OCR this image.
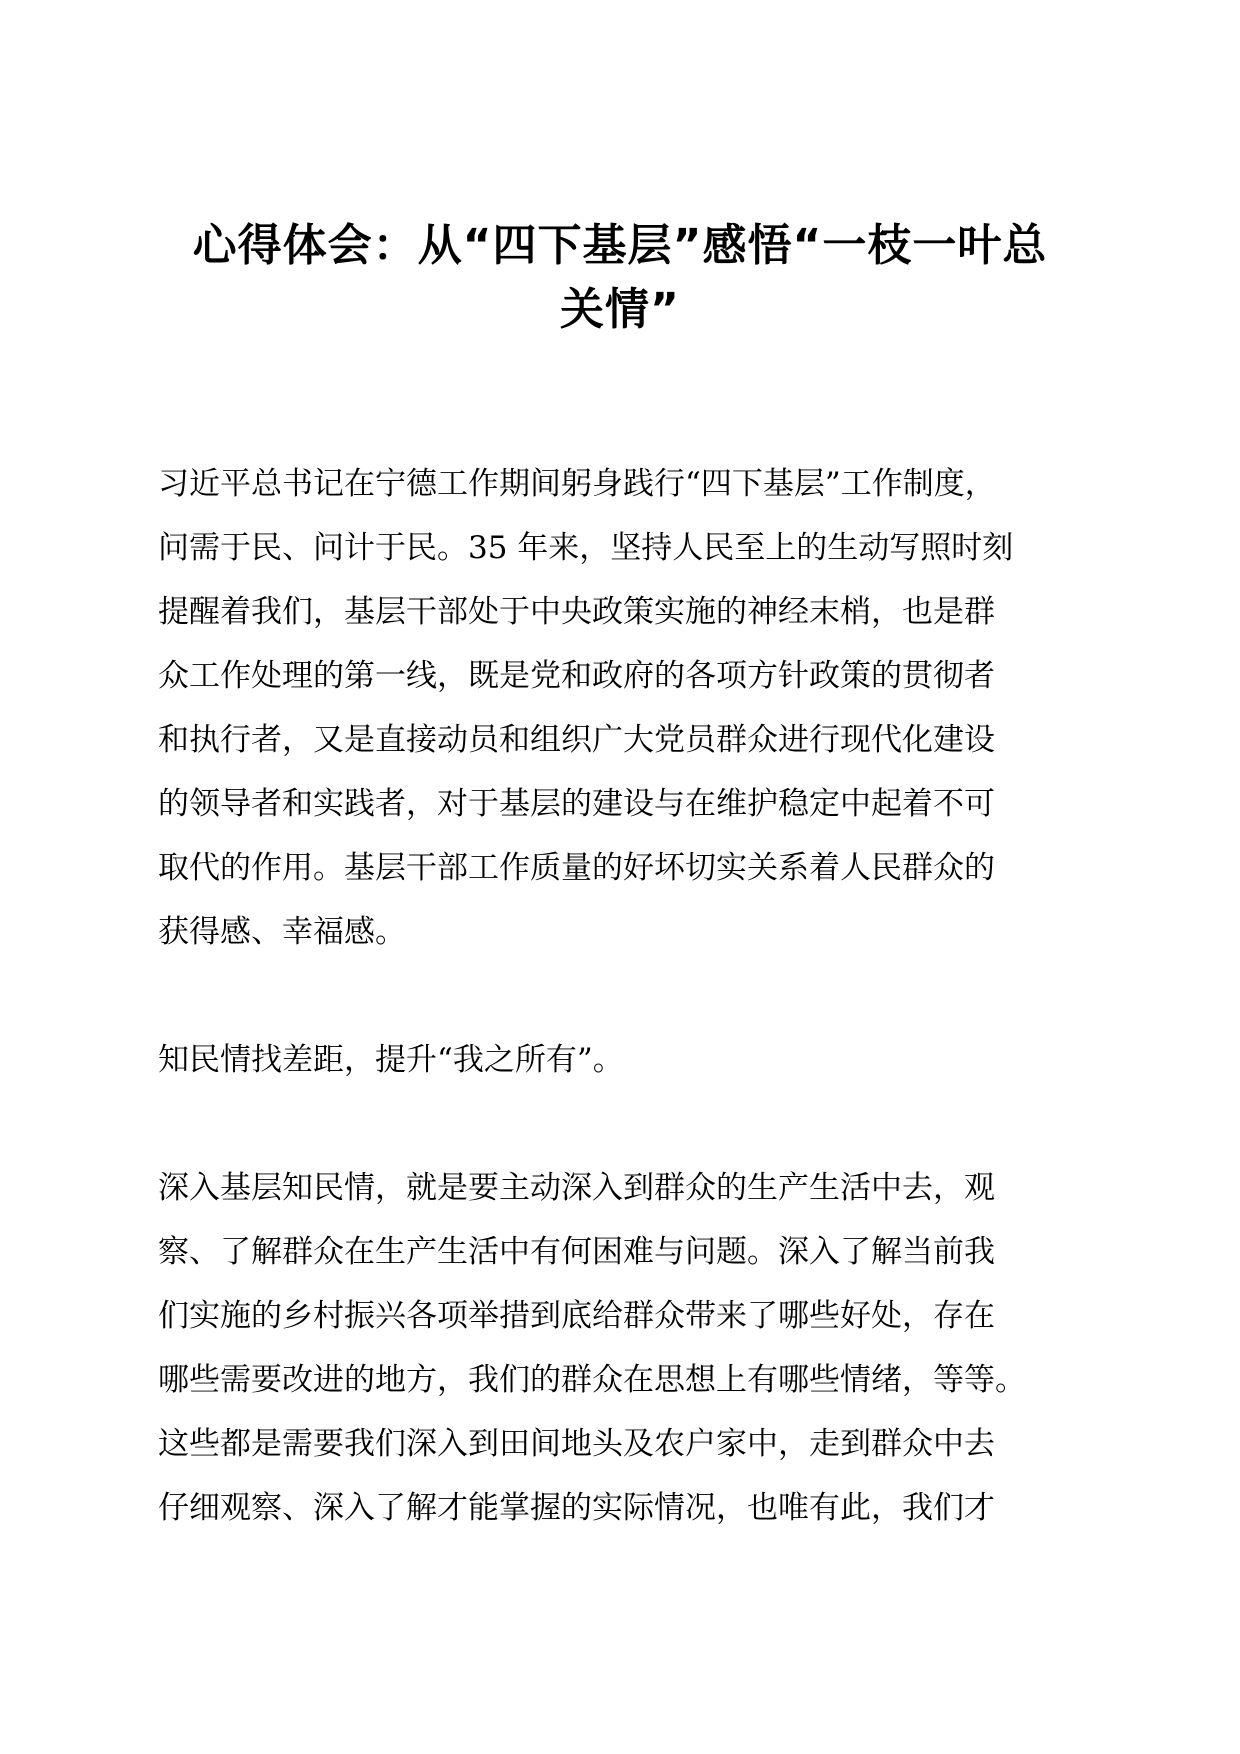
心得体会：从“四下基层”感悟“一枝一叶总
关情”

习近平总书记在宁德工作期间躬身践行“四下基层”工作制度，
问需于民、问计于民。35 年来，坚持人民至上的生动写照时刻
提醒着我们，基层干部处于中央政策实施的神经末梢，也是群
众工作处理的第一线，既是党和政府的各项方针政策的贯彻者
和执行者，又是直接动员和组织广大党员群众进行现代化建设
的领导者和实践者，对于基层的建设与在维护稳定中起着不可
取代的作用。基层干部工作质量的好坏切实关系着人民群众的
获得感、幸福感。

知民情找差距，提升“我之所有”。

深入基层知民情，就是要主动深入到群众的生产生活中去，观
察、了解群众在生产生活中有何困难与问题。深入了解当前我
们实施的乡村振兴各项举措到底给群众带来了哪些好处，存在
哪些需要改进的地方，我们的群众在思想上有哪些情绪，等等。
这些都是需要我们深入到田间地头及农户家中，走到群众中去
仔细观察、深入了解才能掌握的实际情况，也唯有此，我们才
